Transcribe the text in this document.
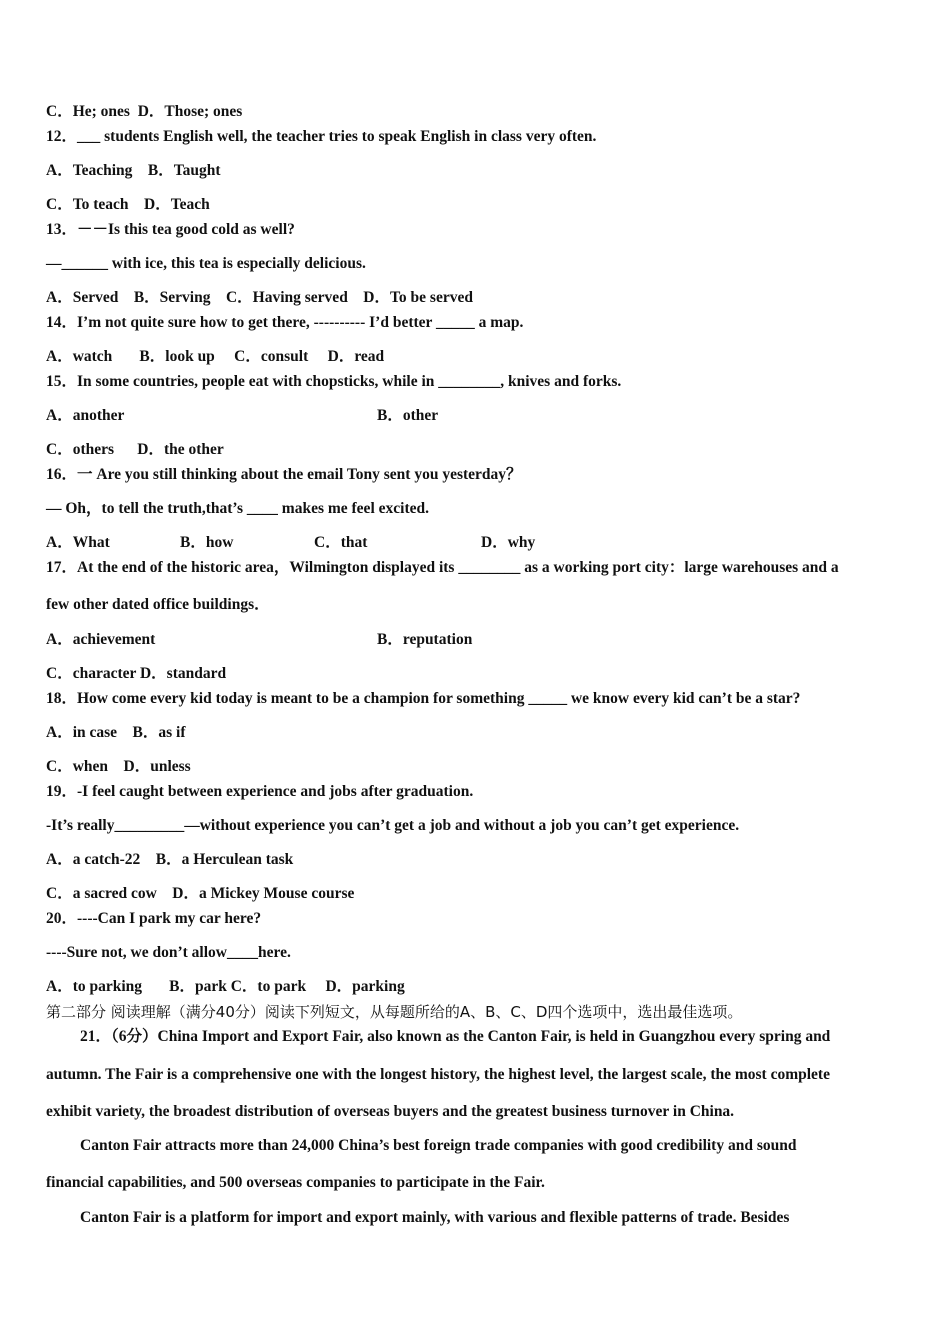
C．He; ones  D．Those; ones
12．___ students English well, the teacher tries to speak English in class very often.
A．Teaching    B．Taught
C．To teach    D．Teach
13．－－Is this tea good cold as well?
—______ with ice, this tea is especially delicious.
A．Served    B．Serving    C．Having served    D．To be served
14．I’m not quite sure how to get there, ---------- I’d better _____ a map.
A．watch       B．look up     C．consult     D．read
15．In some countries, people eat with chopsticks, while in ________, knives and forks.
A．another	B．other
C．others      D．the other
16．一 Are you still thinking about the email Tony sent you yesterday？
— Oh，to tell the truth,that’s ____ makes me feel excited.
A．What	B．how	C．that	D．why
17．At the end of the historic area，Wilmington displayed its ________ as a working port city：large warehouses and a
few other dated office buildings．
A．achievement	B．reputation
C．character D．standard
18．How come every kid today is meant to be a champion for something _____ we know every kid can’t be a star?
A．in case    B．as if
C．when    D．unless
19．-I feel caught between experience and jobs after graduation.
-It’s really_________—without experience you can’t get a job and without a job you can’t get experience.
A．a catch-22    B．a Herculean task
C．a sacred cow    D．a Mickey Mouse course
20．----Can I park my car here?
----Sure not, we don’t allow____here.
A．to parking       B．park C．to park     D．parking
第二部分 阅读理解（满分40分）阅读下列短文，从每题所给的A、B、C、D四个选项中，选出最佳选项。
21．（6分）China Import and Export Fair, also known as the Canton Fair, is held in Guangzhou every spring and
autumn. The Fair is a comprehensive one with the longest history, the highest level, the largest scale, the most complete
exhibit variety, the broadest distribution of overseas buyers and the greatest business turnover in China.
Canton Fair attracts more than 24,000 China’s best foreign trade companies with good credibility and sound
financial capabilities, and 500 overseas companies to participate in the Fair.
Canton Fair is a platform for import and export mainly, with various and flexible patterns of trade. Besides
